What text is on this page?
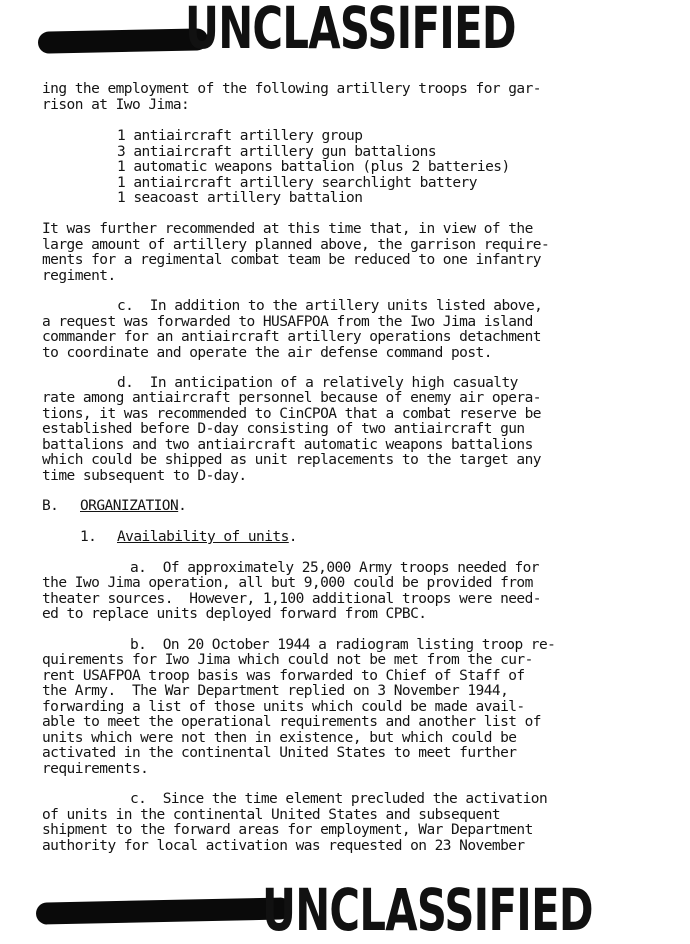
UNCLASSIFIED
ing the employment of the following artillery troops for gar-
rison at Iwo Jima:
1 antiaircraft artillery group
3 antiaircraft artillery gun battalions
1 automatic weapons battalion (plus 2 batteries)
1 antiaircraft artillery searchlight battery
1 seacoast artillery battalion
It was further recommended at this time that, in view of the
large amount of artillery planned above, the garrison require-
ments for a regimental combat team be reduced to one infantry
regiment.
c.  In addition to the artillery units listed above,
a request was forwarded to HUSAFPOA from the Iwo Jima island
commander for an antiaircraft artillery operations detachment
to coordinate and operate the air defense command post.
d.  In anticipation of a relatively high casualty
rate among antiaircraft personnel because of enemy air opera-
tions, it was recommended to CinCPOA that a combat reserve be
established before D-day consisting of two antiaircraft gun
battalions and two antiaircraft automatic weapons battalions
which could be shipped as unit replacements to the target any
time subsequent to D-day.
B. ORGANIZATION.
1. Availability of units.
a.  Of approximately 25,000 Army troops needed for
the Iwo Jima operation, all but 9,000 could be provided from
theater sources.  However, 1,100 additional troops were need-
ed to replace units deployed forward from CPBC.
b.  On 20 October 1944 a radiogram listing troop re-
quirements for Iwo Jima which could not be met from the cur-
rent USAFPOA troop basis was forwarded to Chief of Staff of
the Army.  The War Department replied on 3 November 1944,
forwarding a list of those units which could be made avail-
able to meet the operational requirements and another list of
units which were not then in existence, but which could be
activated in the continental United States to meet further
requirements.
c.  Since the time element precluded the activation
of units in the continental United States and subsequent
shipment to the forward areas for employment, War Department
authority for local activation was requested on 23 November
UNCLASSIFIED
